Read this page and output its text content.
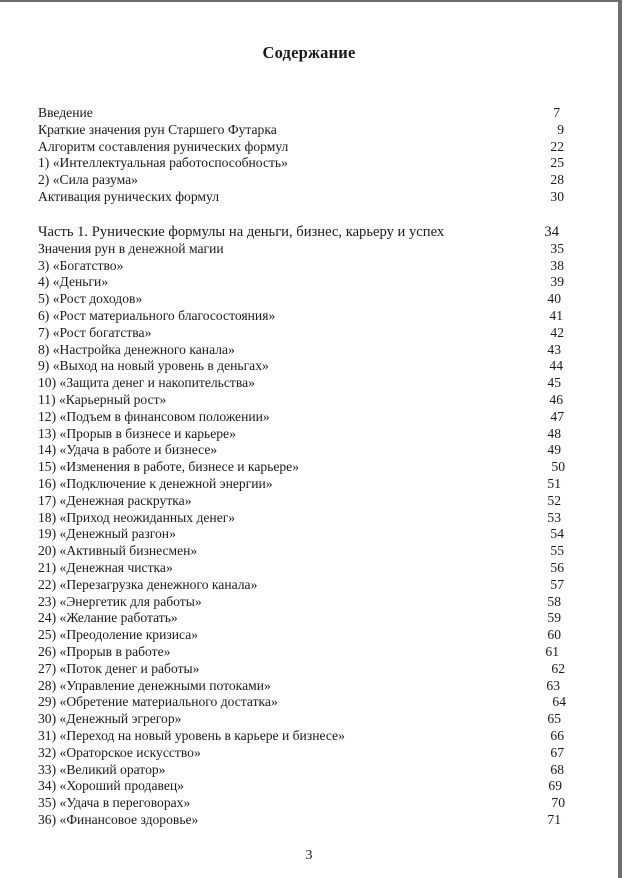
Содержание
Введение	7
Краткие значения рун Старшего Футарка	9
Алгоритм составления рунических формул	22
1) «Интеллектуальная работоспособность»	25
2) «Сила разума»	28
Активация рунических формул	30
Часть 1. Рунические формулы на деньги, бизнес, карьеру и успех	34
Значения рун в денежной магии	35
3) «Богатство»	38
4) «Деньги»	39
5) «Рост доходов»	40
6) «Рост материального благосостояния»	41
7) «Рост богатства»	42
8) «Настройка денежного канала»	43
9) «Выход на новый уровень в деньгах»	44
10) «Защита денег и накопительства»	45
11) «Карьерный рост»	46
12) «Подъем в финансовом положении»	47
13) «Прорыв в бизнесе и карьере»	48
14) «Удача в работе и бизнесе»	49
15) «Изменения в работе, бизнесе и карьере»	50
16) «Подключение к денежной энергии»	51
17) «Денежная раскрутка»	52
18) «Приход неожиданных денег»	53
19) «Денежный разгон»	54
20) «Активный бизнесмен»	55
21) «Денежная чистка»	56
22) «Перезагрузка денежного канала»	57
23) «Энергетик для работы»	58
24) «Желание работать»	59
25) «Преодоление кризиса»	60
26) «Прорыв в работе»	61
27) «Поток денег и работы»	62
28) «Управление денежными потоками»	63
29) «Обретение материального достатка»	64
30) «Денежный эгрегор»	65
31) «Переход на новый уровень в карьере и бизнесе»	66
32) «Ораторское искусство»	67
33) «Великий оратор»	68
34) «Хороший продавец»	69
35) «Удача в переговорах»	70
36) «Финансовое здоровье»	71
3
